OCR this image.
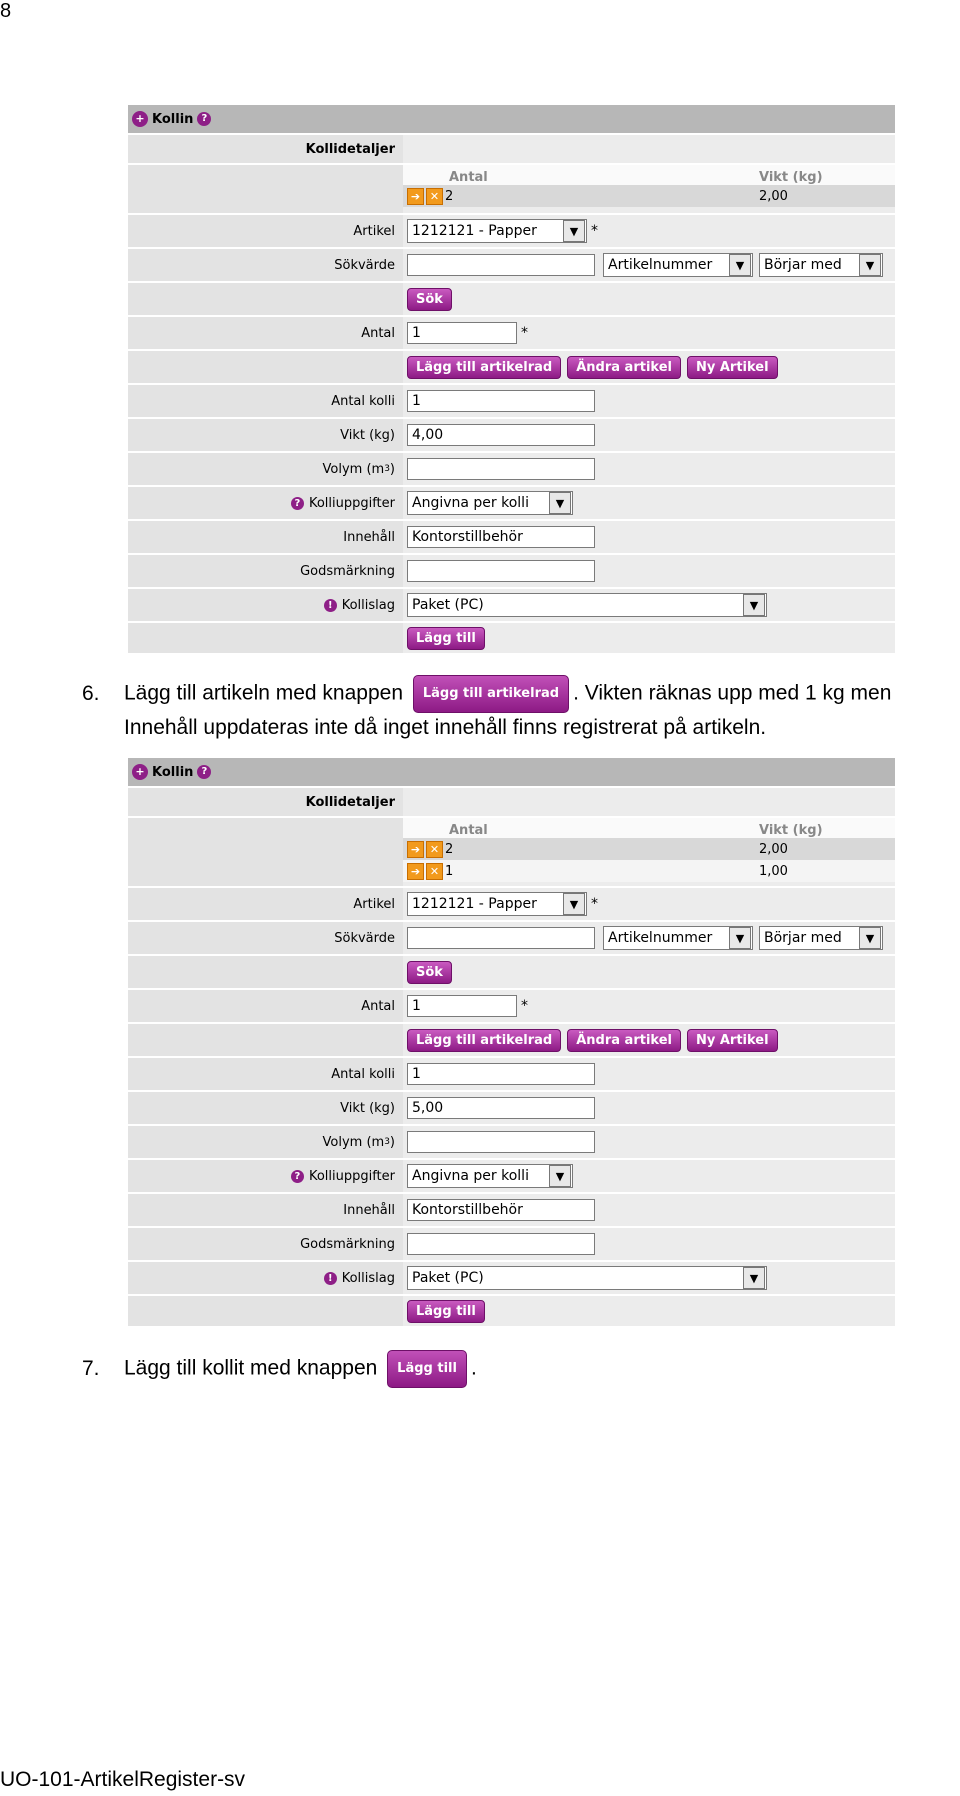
8
+ Kollin ?
Kollidetaljer
Antal	Vikt (kg)
➔ ✕ 2	2,00
Artikel	1212121 - Papper	▼ *
Sökvärde	Artikelnummer	▼	Börjar med	▼
Sök
Antal	1	*
Lägg till artikelrad	Ändra artikel	Ny Artikel
Antal kolli	1
Vikt (kg)	4,00
Volym (m 3 )
? Kolliuppgifter Angivna per kolli	▼
Innehåll	Kontorstillbehör
Godsmärkning
! Kollislag Paket (PC)	▼
Lägg till
6. Lägg till artikeln med knappen Lägg till artikelrad . Vikten räknas upp med 1 kg men
Innehåll uppdateras inte då inget innehåll finns registrerat på artikeln.
+ Kollin ?
Kollidetaljer
Antal	Vikt (kg)
➔ ✕ 2	2,00
➔ ✕ 1	1,00
Artikel	1212121 - Papper	▼ *
Sökvärde	Artikelnummer	▼	Börjar med	▼
Sök
Antal	1	*
Lägg till artikelrad	Ändra artikel	Ny Artikel
Antal kolli	1
Vikt (kg)	5,00
Volym (m 3 )
? Kolliuppgifter Angivna per kolli	▼
Innehåll	Kontorstillbehör
Godsmärkning
! Kollislag Paket (PC)	▼
Lägg till
7. Lägg till kollit med knappen Lägg till .
UO-101-ArtikelRegister-sv
